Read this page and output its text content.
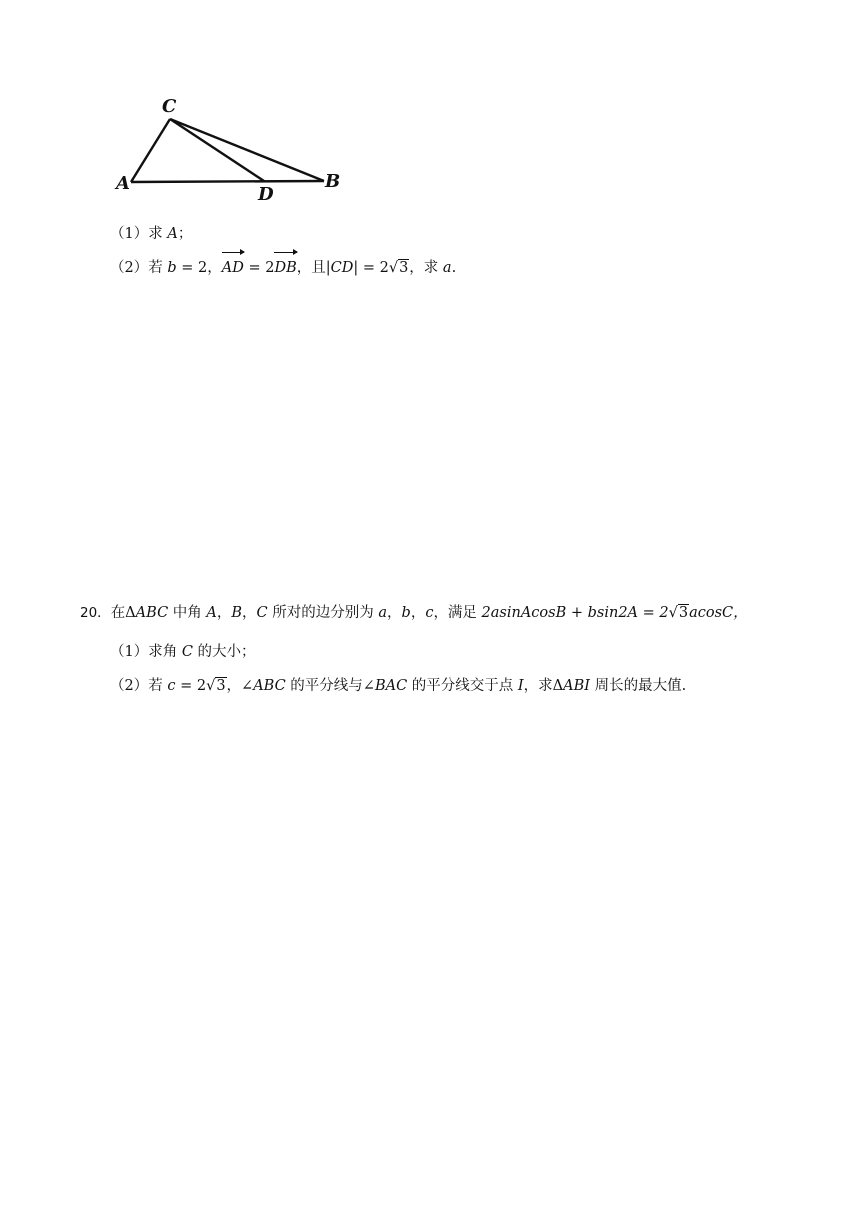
C
A
D
B
（1）求 A；
（2）若 b = 2，
AD = 2
DB，且|CD| = 2√3，求 a.
20．在ΔABC 中角 A，B，C 所对的边分别为 a，b，c，满足 2asinAcosB + bsin2A = 2√3acosC，
（1）求角 C 的大小；
（2）若 c = 2√3，∠ABC 的平分线与∠BAC 的平分线交于点 I，求ΔABI 周长的最大值.
